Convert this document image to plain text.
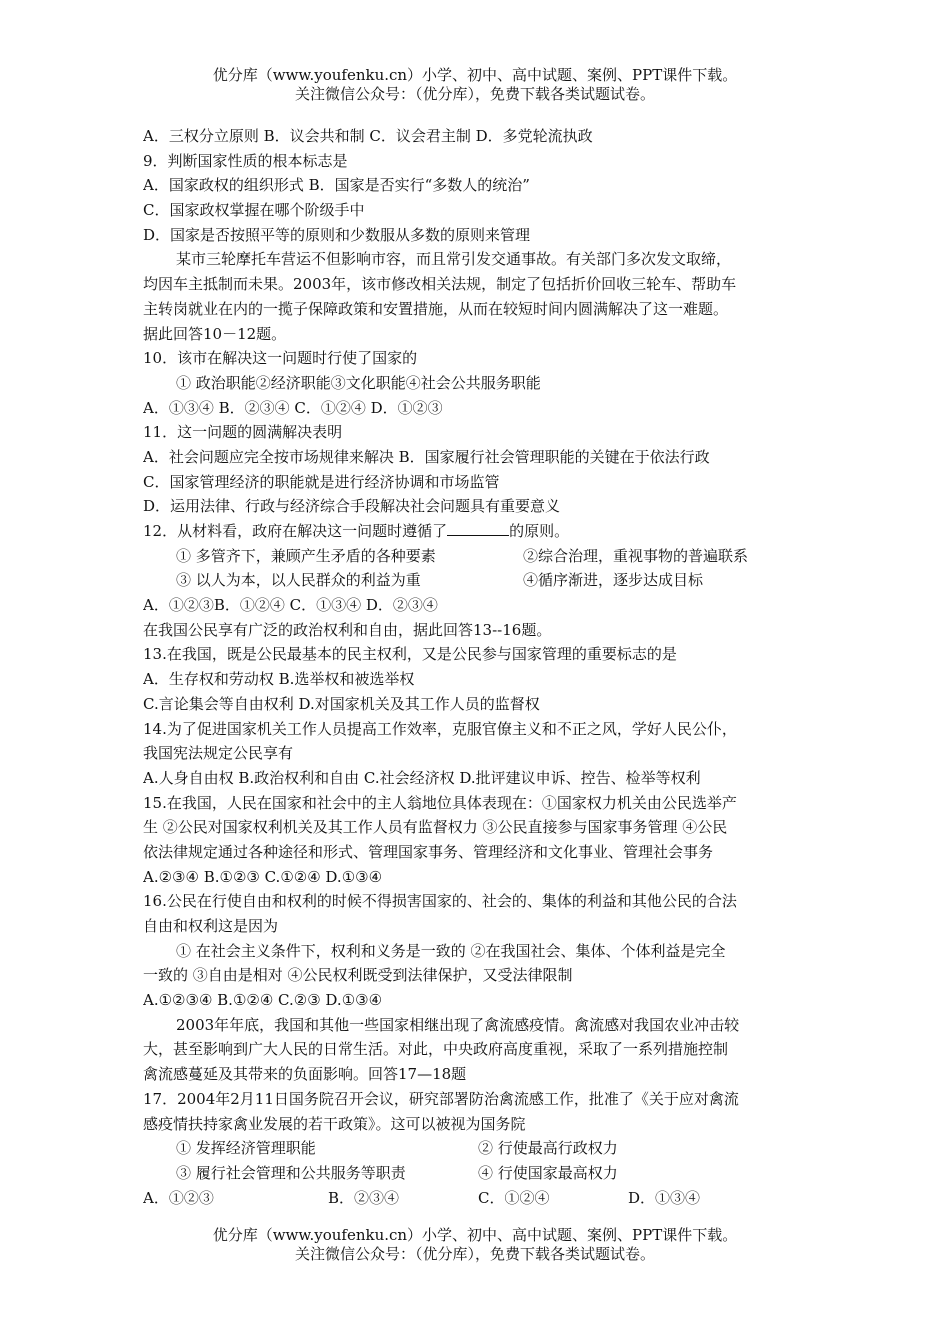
优分库（www.youfenku.cn）小学、初中、高中试题、案例、PPT课件下载。
关注微信公众号：（优分库），免费下载各类试题试卷。
A．三权分立原则 B．议会共和制 C．议会君主制 D．多党轮流执政
9．判断国家性质的根本标志是
A．国家政权的组织形式 B．国家是否实行“多数人的统治”
C．国家政权掌握在哪个阶级手中
D．国家是否按照平等的原则和少数服从多数的原则来管理
某市三轮摩托车营运不但影响市容，而且常引发交通事故。有关部门多次发文取缔，
均因车主抵制而未果。2003年，该市修改相关法规，制定了包括折价回收三轮车、帮助车
主转岗就业在内的一揽子保障政策和安置措施，从而在较短时间内圆满解决了这一难题。
据此回答10－12题。
10．该市在解决这一问题时行使了国家的
① 政治职能②经济职能③文化职能④社会公共服务职能
A．①③④ B．②③④ C．①②④ D．①②③
11．这一问题的圆满解决表明
A．社会问题应完全按市场规律来解决 B．国家履行社会管理职能的关键在于依法行政
C．国家管理经济的职能就是进行经济协调和市场监管
D．运用法律、行政与经济综合手段解决社会问题具有重要意义
12．从材料看，政府在解决这一问题时遵循了	的原则。
① 多管齐下，兼顾产生矛盾的各种要素	②综合治理，重视事物的普遍联系
③ 以人为本，以人民群众的利益为重	④循序渐进，逐步达成目标
A．①②③B．①②④ C．①③④ D．②③④
在我国公民享有广泛的政治权利和自由，据此回答13--16题。
13.在我国，既是公民最基本的民主权利，又是公民参与国家管理的重要标志的是
A．生存权和劳动权 B.选举权和被选举权
C.言论集会等自由权利 D.对国家机关及其工作人员的监督权
14.为了促进国家机关工作人员提高工作效率，克服官僚主义和不正之风，学好人民公仆，
我国宪法规定公民享有
A.人身自由权 B.政治权利和自由 C.社会经济权 D.批评建议申诉、控告、检举等权利
15.在我国，人民在国家和社会中的主人翁地位具体表现在：①国家权力机关由公民选举产
生 ②公民对国家权利机关及其工作人员有监督权力 ③公民直接参与国家事务管理 ④公民
依法律规定通过各种途径和形式、管理国家事务、管理经济和文化事业、管理社会事务
A.②③④ B.①②③ C.①②④ D.①③④
16.公民在行使自由和权利的时候不得损害国家的、社会的、集体的利益和其他公民的合法
自由和权利这是因为
① 在社会主义条件下，权利和义务是一致的 ②在我国社会、集体、个体利益是完全
一致的 ③自由是相对 ④公民权利既受到法律保护，又受法律限制
A.①②③④ B.①②④ C.②③ D.①③④
2003年年底，我国和其他一些国家相继出现了禽流感疫情。禽流感对我国农业冲击较
大，甚至影响到广大人民的日常生活。对此，中央政府高度重视，采取了一系列措施控制
禽流感蔓延及其带来的负面影响。回答17—18题
17．2004年2月11日国务院召开会议，研究部署防治禽流感工作，批准了《关于应对禽流
感疫情扶持家禽业发展的若干政策》。这可以被视为国务院
① 发挥经济管理职能	② 行使最高行政权力
③ 履行社会管理和公共服务等职责	④ 行使国家最高权力
A．①②③	B．②③④	C．①②④	D．①③④
优分库（www.youfenku.cn）小学、初中、高中试题、案例、PPT课件下载。
关注微信公众号：（优分库），免费下载各类试题试卷。
